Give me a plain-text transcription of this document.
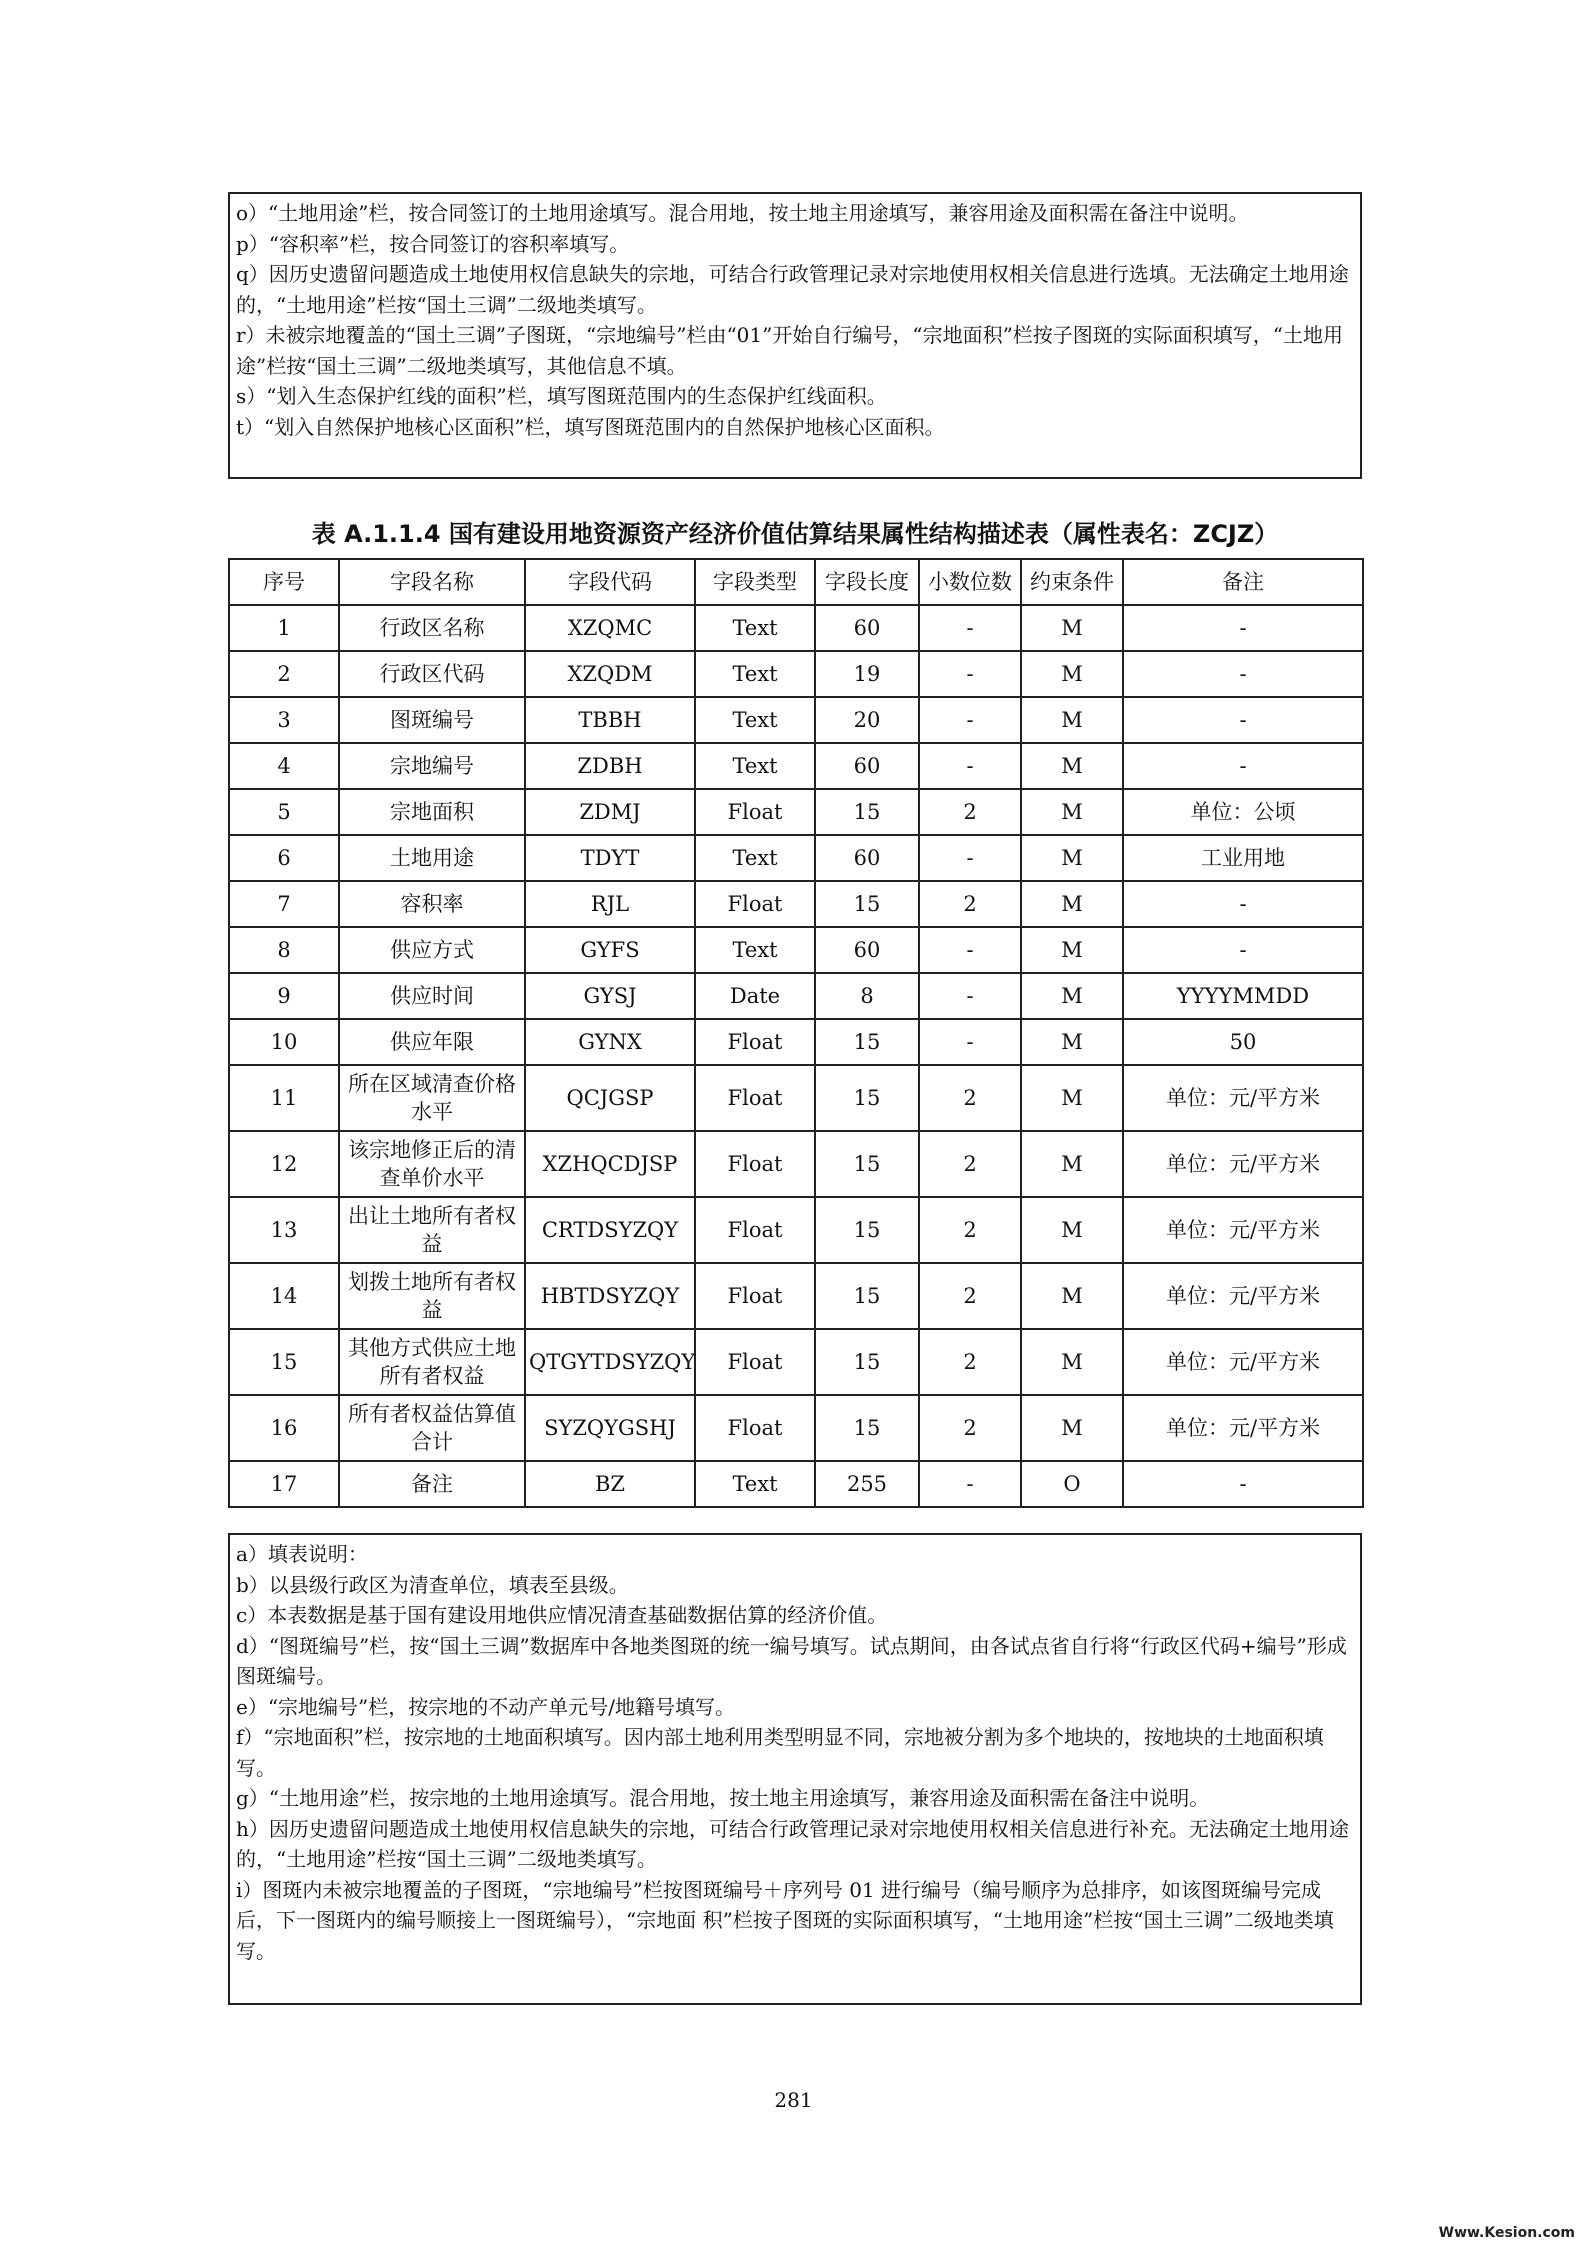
o）“土地用途”栏，按合同签订的土地用途填写。混合用地，按土地主用途填写，兼容用途及面积需在备注中说明。

p）“容积率”栏，按合同签订的容积率填写。

q）因历史遗留问题造成土地使用权信息缺失的宗地，可结合行政管理记录对宗地使用权相关信息进行选填。无法确定土地用途的，“土地用途”栏按“国土三调”二级地类填写。

r）未被宗地覆盖的“国土三调”子图斑，“宗地编号”栏由“01”开始自行编号，“宗地面积”栏按子图斑的实际面积填写，“土地用途”栏按“国土三调”二级地类填写，其他信息不填。

s）“划入生态保护红线的面积”栏，填写图斑范围内的生态保护红线面积。

t）“划入自然保护地核心区面积”栏，填写图斑范围内的自然保护地核心区面积。

表 A.1.1.4 国有建设用地资源资产经济价值估算结果属性结构描述表（属性表名：ZCJZ）
序号	字段名称	字段代码	字段类型	字段长度	小数位数	约束条件	备注
1	行政区名称	XZQMC	Text	60	-	M	-
2	行政区代码	XZQDM	Text	19	-	M	-
3	图斑编号	TBBH	Text	20	-	M	-
4	宗地编号	ZDBH	Text	60	-	M	-
5	宗地面积	ZDMJ	Float	15	2	M	单位：公顷
6	土地用途	TDYT	Text	60	-	M	工业用地
7	容积率	RJL	Float	15	2	M	-
8	供应方式	GYFS	Text	60	-	M	-
9	供应时间	GYSJ	Date	8	-	M	YYYYMMDD
10	供应年限	GYNX	Float	15	-	M	50
11	所在区域清查价格水平	QCJGSP	Float	15	2	M	单位：元/平方米
12	该宗地修正后的清查单价水平	XZHQCDJSP	Float	15	2	M	单位：元/平方米
13	出让土地所有者权益	CRTDSYZQY	Float	15	2	M	单位：元/平方米
14	划拨土地所有者权益	HBTDSYZQY	Float	15	2	M	单位：元/平方米
15	其他方式供应土地所有者权益	QTGYTDSYZQY	Float	15	2	M	单位：元/平方米
16	所有者权益估算值合计	SYZQYGSHJ	Float	15	2	M	单位：元/平方米
17	备注	BZ	Text	255	-	O	-

a）填表说明：

b）以县级行政区为清查单位，填表至县级。

c）本表数据是基于国有建设用地供应情况清查基础数据估算的经济价值。

d）“图斑编号”栏，按“国土三调”数据库中各地类图斑的统一编号填写。试点期间，由各试点省自行将“行政区代码+编号”形成图斑编号。

e）“宗地编号”栏，按宗地的不动产单元号/地籍号填写。

f）“宗地面积”栏，按宗地的土地面积填写。因内部土地利用类型明显不同，宗地被分割为多个地块的，按地块的土地面积填写。

g）“土地用途”栏，按宗地的土地用途填写。混合用地，按土地主用途填写，兼容用途及面积需在备注中说明。

h）因历史遗留问题造成土地使用权信息缺失的宗地，可结合行政管理记录对宗地使用权相关信息进行补充。无法确定土地用途的，“土地用途”栏按“国土三调”二级地类填写。

i）图斑内未被宗地覆盖的子图斑，“宗地编号”栏按图斑编号＋序列号 01 进行编号（编号顺序为总排序，如该图斑编号完成后，下一图斑内的编号顺接上一图斑编号），“宗地面 积”栏按子图斑的实际面积填写，“土地用途”栏按“国土三调”二级地类填写。

281
Www.Kesion.com
